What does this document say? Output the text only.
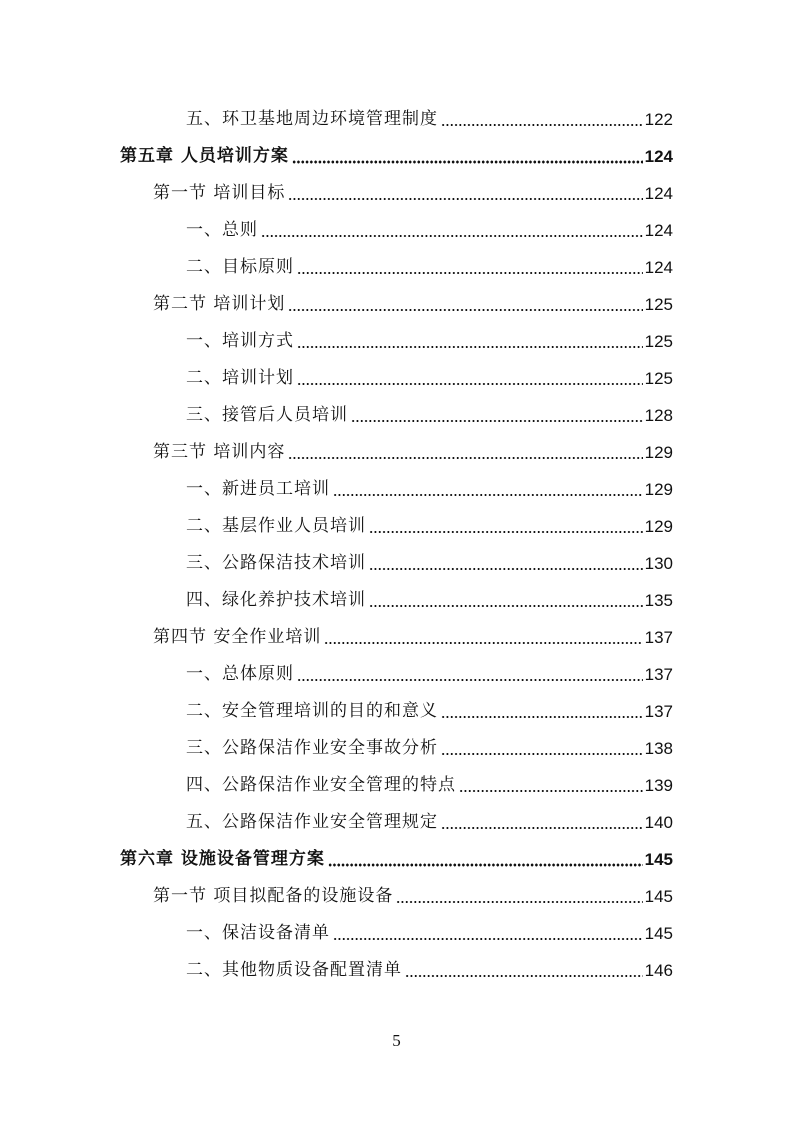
五、环卫基地周边环境管理制度	122
第五章 人员培训方案	124
第一节 培训目标	124
一、总则	124
二、目标原则	124
第二节 培训计划	125
一、培训方式	125
二、培训计划	125
三、接管后人员培训	128
第三节 培训内容	129
一、新进员工培训	129
二、基层作业人员培训	129
三、公路保洁技术培训	130
四、绿化养护技术培训	135
第四节 安全作业培训	137
一、总体原则	137
二、安全管理培训的目的和意义	137
三、公路保洁作业安全事故分析	138
四、公路保洁作业安全管理的特点	139
五、公路保洁作业安全管理规定	140
第六章 设施设备管理方案	145
第一节 项目拟配备的设施设备	145
一、保洁设备清单	145
二、其他物质设备配置清单	146
5
